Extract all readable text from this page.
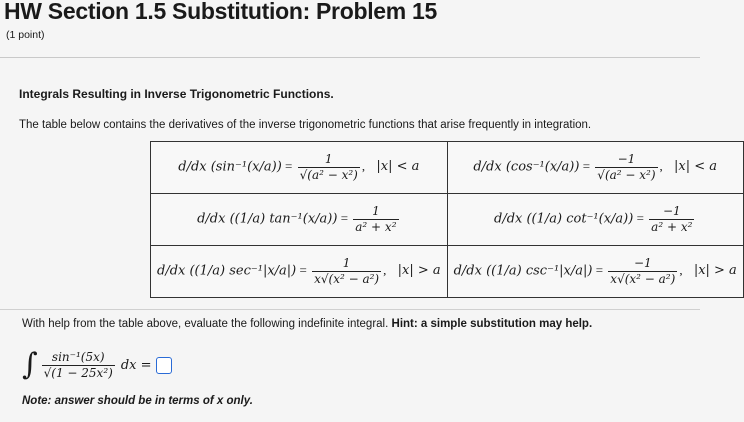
HW Section 1.5 Substitution: Problem 15
(1 point)
Integrals Resulting in Inverse Trigonometric Functions.
The table below contains the derivatives of the inverse trigonometric functions that arise frequently in integration.
d/dx $(\sin^{-1}(x/a)) = \frac{1}{\text{√(a² − x²)}}$ , |x| < a	d/dx $(\cos^{-1}(x/a)) = \frac{-1}{\text{√(a² − x²)}}$ , |x| < a
d/dx ((1/a) $\tan^{-1}(x/a)) = \frac{1}{\text{a² + x²}}$	d/dx ((1/a) $\cot^{-1}(x/a)) = \frac{-1}{\text{a² + x²}}$

d/dx ((1/a) $\sec^{-1}|x/a|) = \frac{1}{\text{x√(x² − a²)}}$ , |x| > a	d/dx ((1/a) $\csc^{-1}|x/a|) = \frac{-1}{\text{x√(x² − a²)}}$ , |x| > a
With help from the table above, evaluate the following indefinite integral. Hint: a simple substitution may help.
∫ $\frac{\text{sin⁻¹(5x)}}{\text{√(1 − 25x²)}}$ dx =
Note: answer should be in terms of x only.
